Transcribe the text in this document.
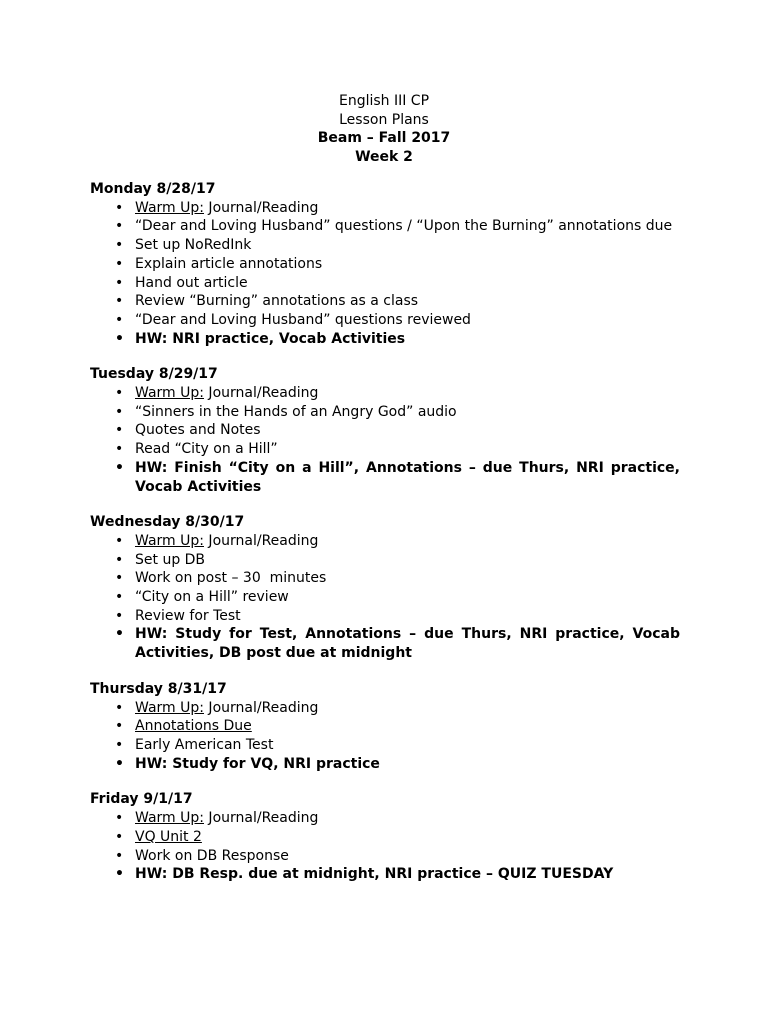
English III CP
Lesson Plans
Beam – Fall 2017
Week 2
Monday 8/28/17
• Warm Up: Journal/Reading
• “Dear and Loving Husband” questions / “Upon the Burning” annotations due
• Set up NoRedInk
• Explain article annotations
• Hand out article
• Review “Burning” annotations as a class
• “Dear and Loving Husband” questions reviewed
• HW: NRI practice, Vocab Activities
Tuesday 8/29/17
• Warm Up: Journal/Reading
• “Sinners in the Hands of an Angry God” audio
• Quotes and Notes
• Read “City on a Hill”
• HW: Finish “City on a Hill”, Annotations – due Thurs, NRI practice, Vocab Activities
Wednesday 8/30/17
• Warm Up: Journal/Reading
• Set up DB
• Work on post – 30  minutes
• “City on a Hill” review
• Review for Test
• HW: Study for Test, Annotations – due Thurs, NRI practice, Vocab Activities, DB post due at midnight
Thursday 8/31/17
• Warm Up: Journal/Reading
• Annotations Due
• Early American Test
• HW: Study for VQ, NRI practice
Friday 9/1/17
• Warm Up: Journal/Reading
• VQ Unit 2
• Work on DB Response
• HW: DB Resp. due at midnight, NRI practice – QUIZ TUESDAY
